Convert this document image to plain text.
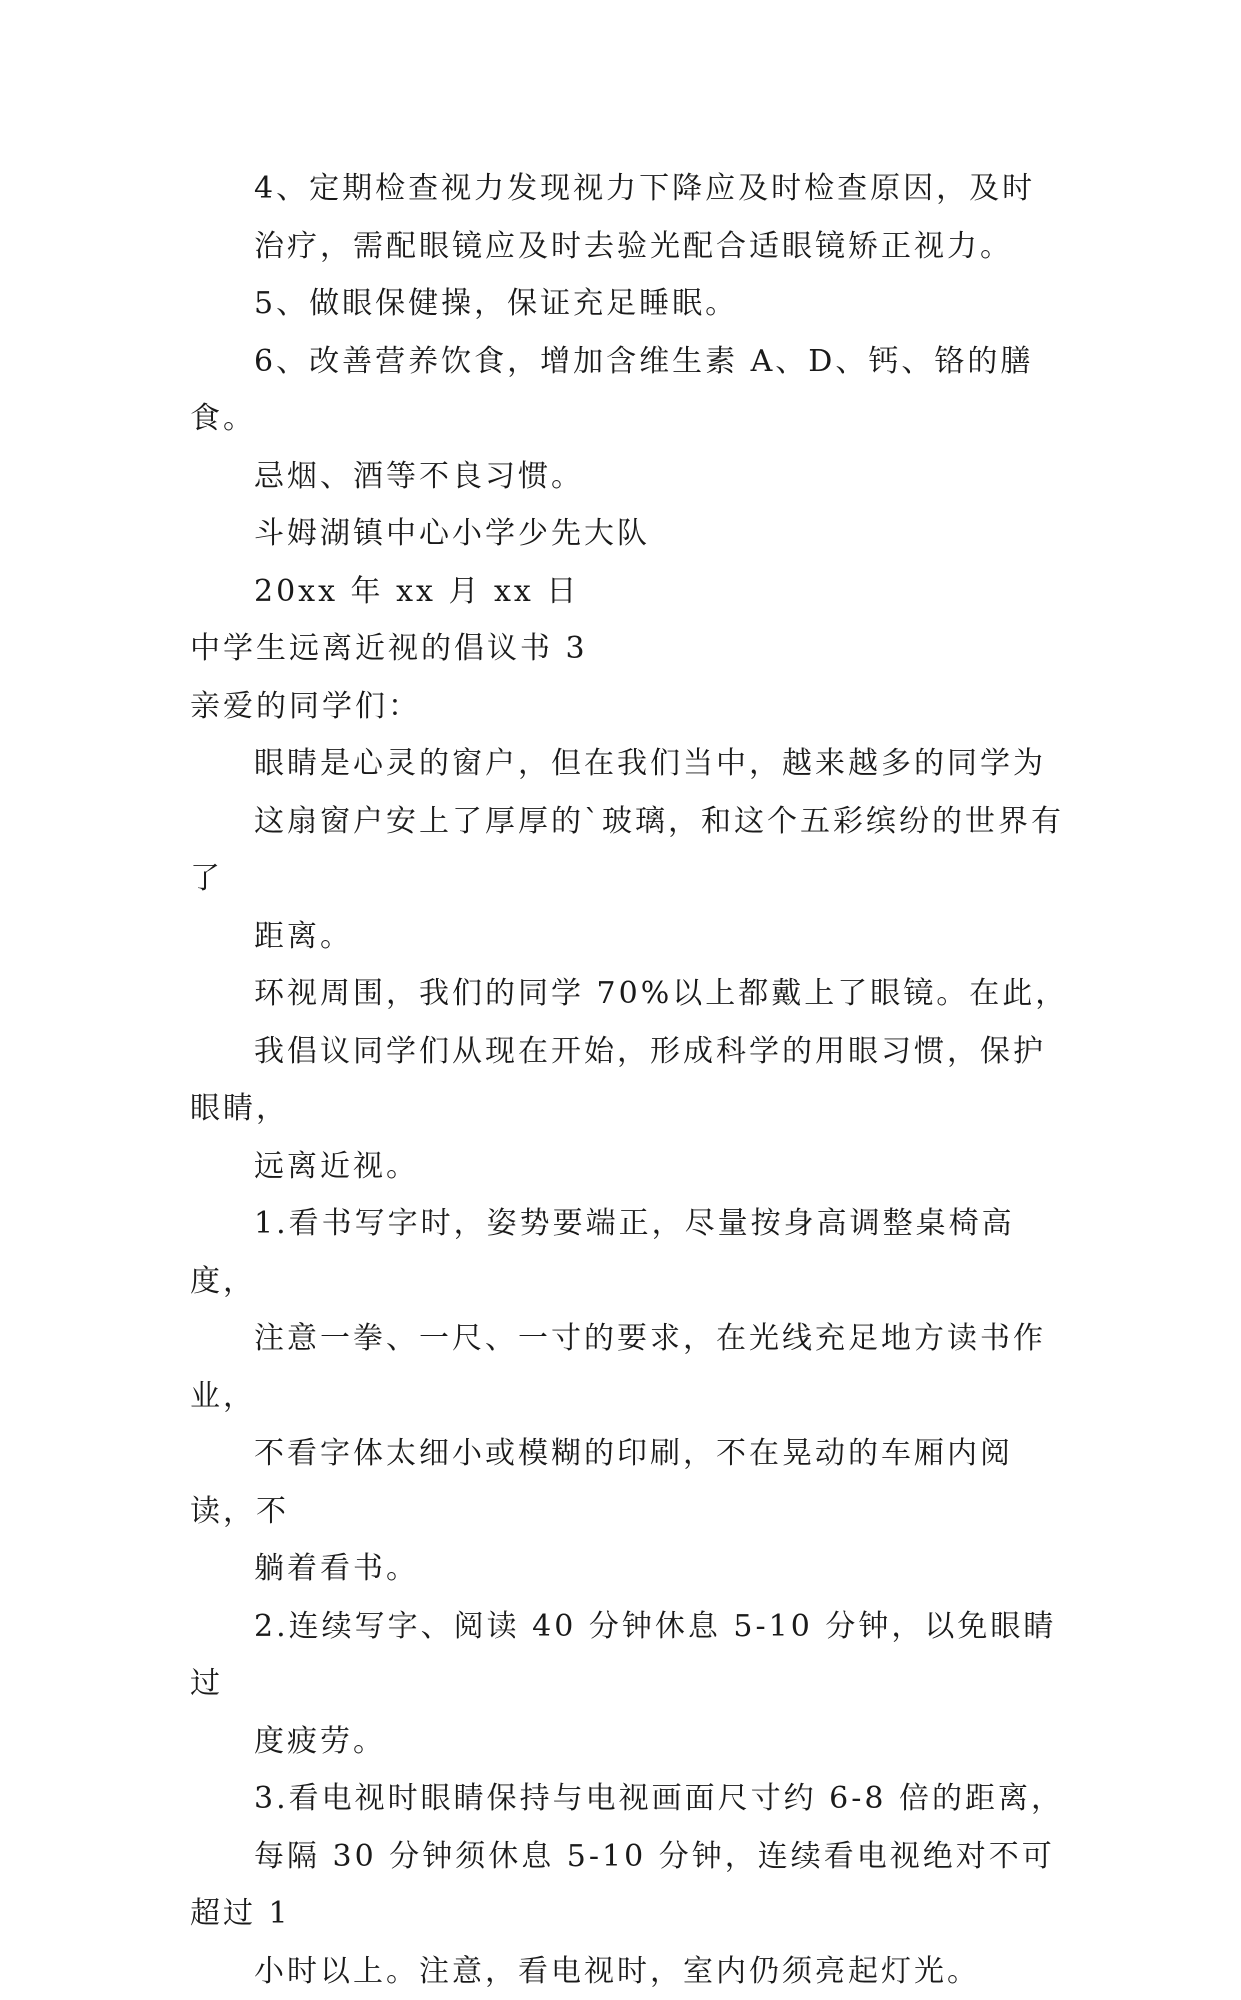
4、定期检查视力发现视力下降应及时检查原因，及时
治疗，需配眼镜应及时去验光配合适眼镜矫正视力。

5、做眼保健操，保证充足睡眠。

6、改善营养饮食，增加含维生素 A、D、钙、铬的膳食。
忌烟、酒等不良习惯。

斗姆湖镇中心小学少先大队

20xx 年 xx 月 xx 日

中学生远离近视的倡议书 3

亲爱的同学们：

眼睛是心灵的窗户，但在我们当中，越来越多的同学为
这扇窗户安上了厚厚的`玻璃，和这个五彩缤纷的世界有了
距离。

环视周围，我们的同学 70%以上都戴上了眼镜。在此，
我倡议同学们从现在开始，形成科学的用眼习惯，保护眼睛，
远离近视。

1.看书写字时，姿势要端正，尽量按身高调整桌椅高度，
注意一拳、一尺、一寸的要求，在光线充足地方读书作业，
不看字体太细小或模糊的印刷，不在晃动的车厢内阅读，不
躺着看书。

2.连续写字、阅读 40 分钟休息 5-10 分钟，以免眼睛过
度疲劳。

3.看电视时眼睛保持与电视画面尺寸约 6-8 倍的距离，
每隔 30 分钟须休息 5-10 分钟，连续看电视绝对不可超过 1
小时以上。注意，看电视时，室内仍须亮起灯光。
